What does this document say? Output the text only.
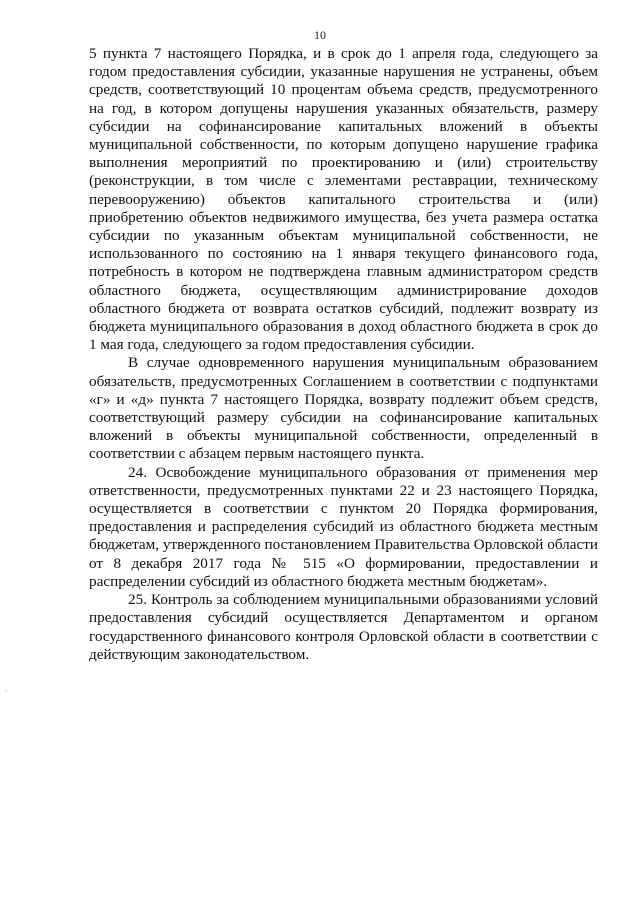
10

5 пункта 7 настоящего Порядка, и в срок до 1 апреля года, следующего за годом предоставления субсидии, указанные нарушения не устранены, объем средств, соответствующий 10 процентам объема средств, предусмотренного на год, в котором допущены нарушения указанных обязательств, размеру субсидии на софинансирование капитальных вложений в объекты муниципальной собственности, по которым допущено нарушение графика выполнения мероприятий по проектированию и (или) строительству (реконструкции, в том числе с элементами реставрации, техническому перевооружению) объектов капитального строительства и (или) приобретению объектов недвижимого имущества, без учета размера остатка субсидии по указанным объектам муниципальной собственности, не использованного по состоянию на 1 января текущего финансового года, потребность в котором не подтверждена главным администратором средств областного бюджета, осуществляющим администрирование доходов областного бюджета от возврата остатков субсидий, подлежит возврату из бюджета муниципального образования в доход областного бюджета в срок до 1 мая года, следующего за годом предоставления субсидии.

В случае одновременного нарушения муниципальным образованием обязательств, предусмотренных Соглашением в соответствии с подпунктами «г» и «д» пункта 7 настоящего Порядка, возврату подлежит объем средств, соответствующий размеру субсидии на софинансирование капитальных вложений в объекты муниципальной собственности, определенный в соответствии с абзацем первым настоящего пункта.

24. Освобождение муниципального образования от применения мер ответственности, предусмотренных пунктами 22 и 23 настоящего Порядка, осуществляется в соответствии с пунктом 20 Порядка формирования, предоставления и распределения субсидий из областного бюджета местным бюджетам, утвержденного постановлением Правительства Орловской области от 8 декабря 2017 года № 515 «О формировании, предоставлении и распределении субсидий из областного бюджета местным бюджетам».

25. Контроль за соблюдением муниципальными образованиями условий предоставления субсидий осуществляется Департаментом и органом государственного финансового контроля Орловской области в соответствии с действующим законодательством.
